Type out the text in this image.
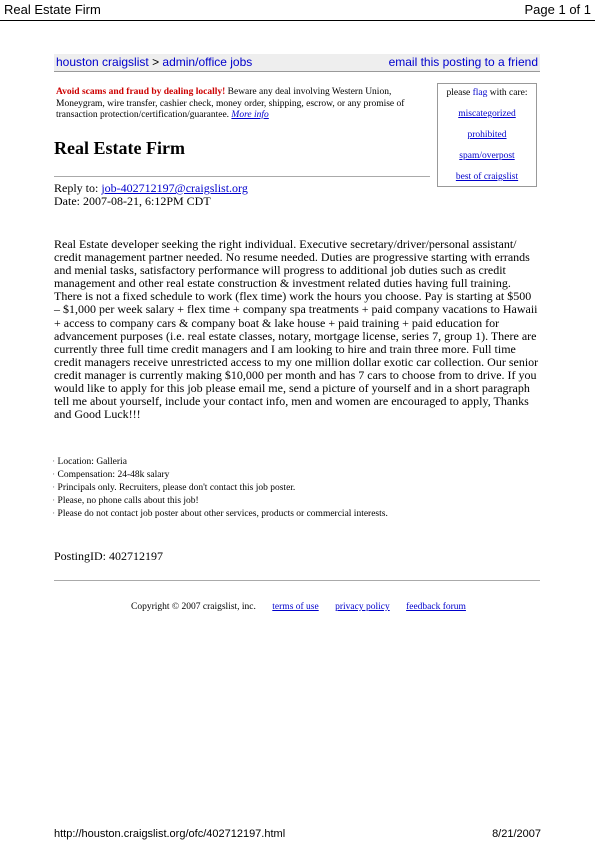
Real Estate Firm	Page 1 of 1
houston craigslist > admin/office jobs	email this posting to a friend
Avoid scams and fraud by dealing locally! Beware any deal involving Western Union, Moneygram, wire transfer, cashier check, money order, shipping, escrow, or any promise of transaction protection/certification/guarantee. More info
please flag with care:
miscategorized
prohibited
spam/overpost
best of craigslist
Real Estate Firm
Reply to: job-402712197@craigslist.org
Date: 2007-08-21, 6:12PM CDT
Real Estate developer seeking the right individual. Executive secretary/driver/personal assistant/ credit management partner needed. No resume needed. Duties are progressive starting with errands and menial tasks, satisfactory performance will progress to additional job duties such as credit management and other real estate construction & investment related duties having full training. There is not a fixed schedule to work (flex time) work the hours you choose. Pay is starting at $500 – $1,000 per week salary + flex time + company spa treatments + paid company vacations to Hawaii + access to company cars & company boat & lake house + paid training + paid education for advancement purposes (i.e. real estate classes, notary, mortgage license, series 7, group 1). There are currently three full time credit managers and I am looking to hire and train three more. Full time credit managers receive unrestricted access to my one million dollar exotic car collection. Our senior credit manager is currently making $10,000 per month and has 7 cars to choose from to drive. If you would like to apply for this job please email me, send a picture of yourself and in a short paragraph tell me about yourself, include your contact info, men and women are encouraged to apply, Thanks and Good Luck!!!
· Location: Galleria
· Compensation: 24-48k salary
· Principals only. Recruiters, please don't contact this job poster.
· Please, no phone calls about this job!
· Please do not contact job poster about other services, products or commercial interests.
PostingID: 402712197
Copyright © 2007 craigslist, inc. terms of use privacy policy feedback forum
http://houston.craigslist.org/ofc/402712197.html	8/21/2007
